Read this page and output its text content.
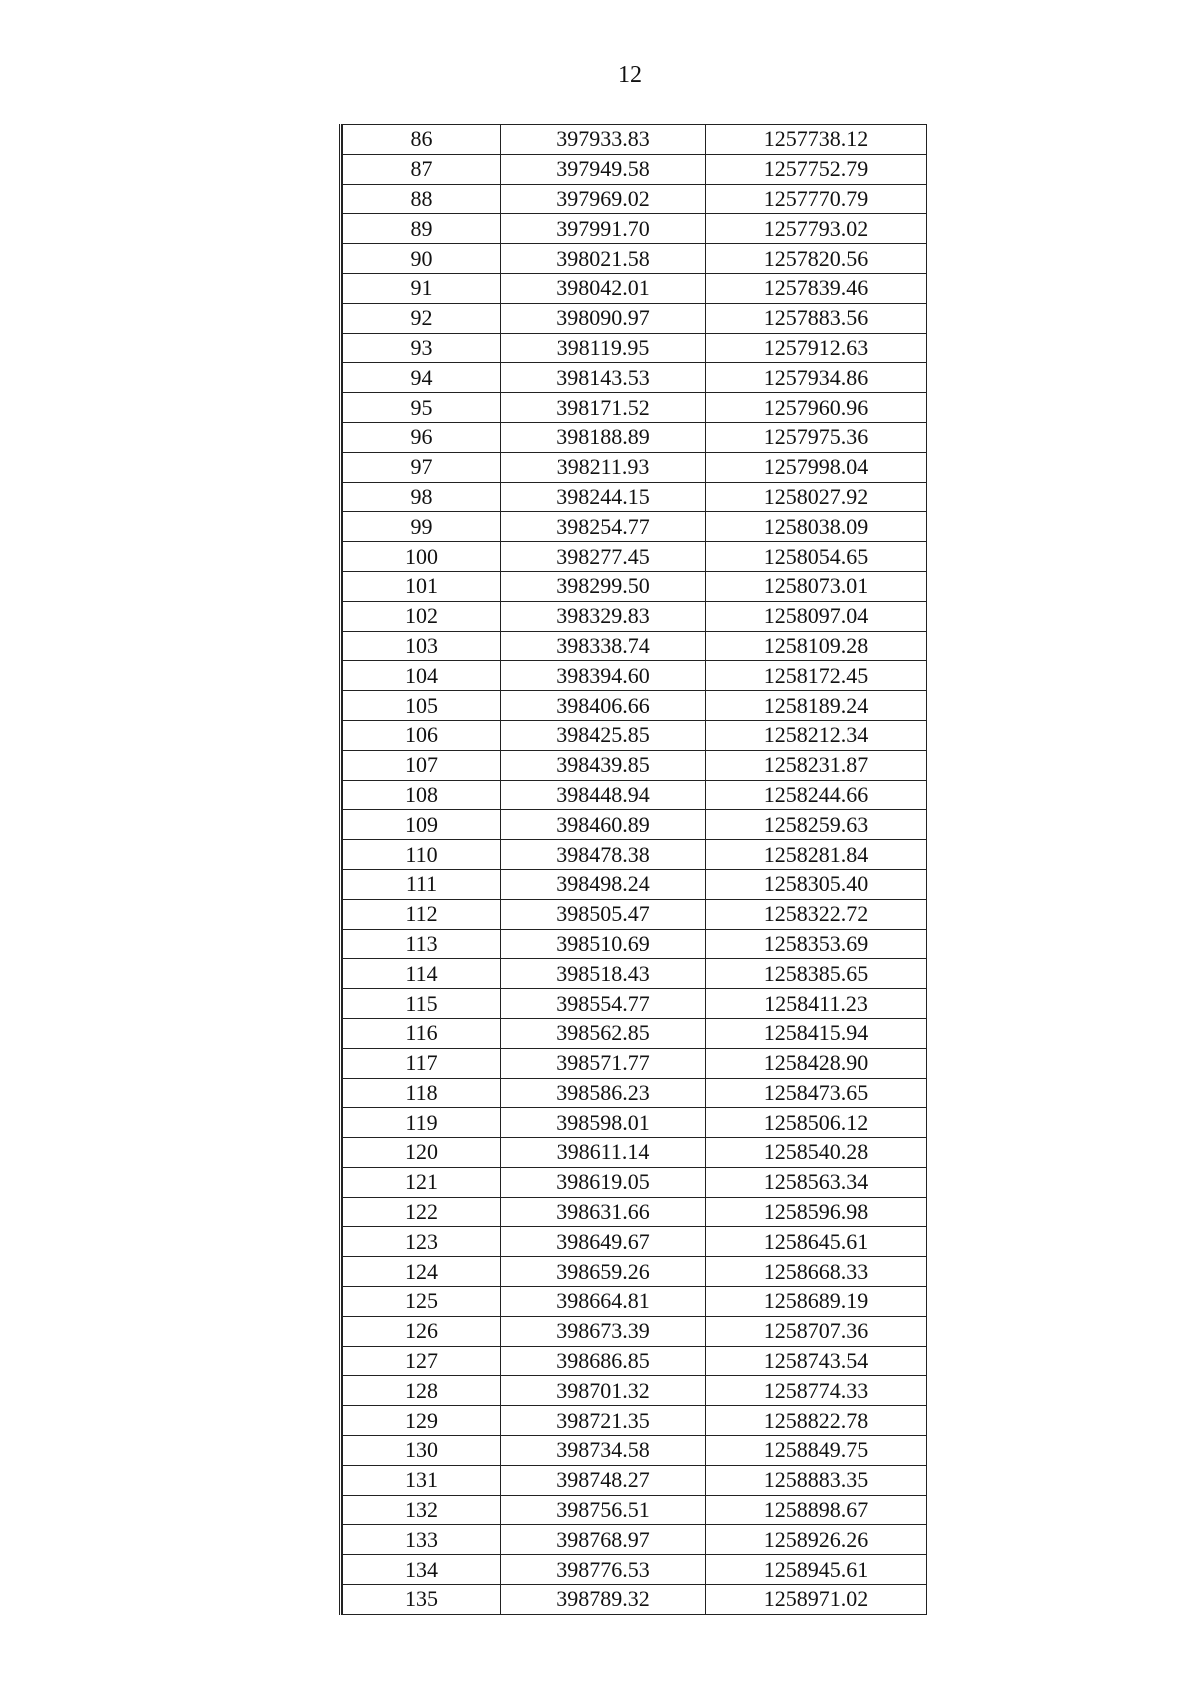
12
86	397933.83	1257738.12
87	397949.58	1257752.79
88	397969.02	1257770.79
89	397991.70	1257793.02
90	398021.58	1257820.56
91	398042.01	1257839.46
92	398090.97	1257883.56
93	398119.95	1257912.63
94	398143.53	1257934.86
95	398171.52	1257960.96
96	398188.89	1257975.36
97	398211.93	1257998.04
98	398244.15	1258027.92
99	398254.77	1258038.09
100	398277.45	1258054.65
101	398299.50	1258073.01
102	398329.83	1258097.04
103	398338.74	1258109.28
104	398394.60	1258172.45
105	398406.66	1258189.24
106	398425.85	1258212.34
107	398439.85	1258231.87
108	398448.94	1258244.66
109	398460.89	1258259.63
110	398478.38	1258281.84
111	398498.24	1258305.40
112	398505.47	1258322.72
113	398510.69	1258353.69
114	398518.43	1258385.65
115	398554.77	1258411.23
116	398562.85	1258415.94
117	398571.77	1258428.90
118	398586.23	1258473.65
119	398598.01	1258506.12
120	398611.14	1258540.28
121	398619.05	1258563.34
122	398631.66	1258596.98
123	398649.67	1258645.61
124	398659.26	1258668.33
125	398664.81	1258689.19
126	398673.39	1258707.36
127	398686.85	1258743.54
128	398701.32	1258774.33
129	398721.35	1258822.78
130	398734.58	1258849.75
131	398748.27	1258883.35
132	398756.51	1258898.67
133	398768.97	1258926.26
134	398776.53	1258945.61
135	398789.32	1258971.02
